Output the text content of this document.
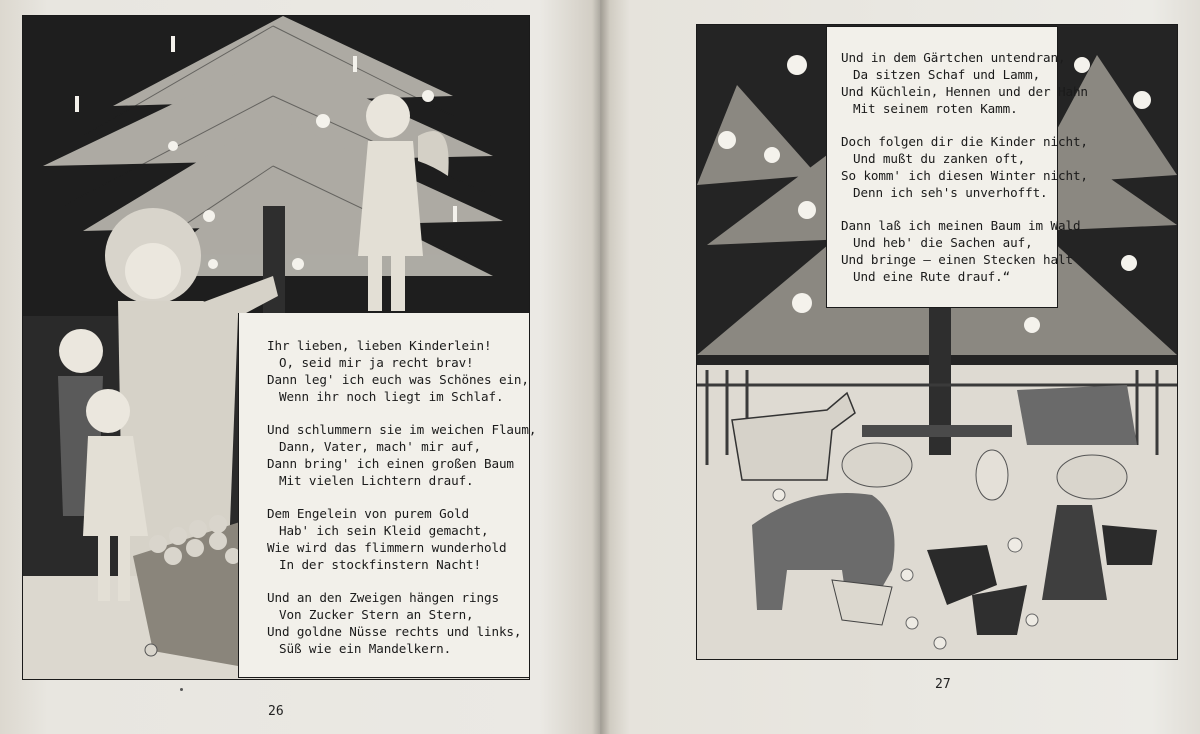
Ihr lieben, lieben Kinderlein!
O, seid mir ja recht brav!
Dann leg' ich euch was Schönes ein,
Wenn ihr noch liegt im Schlaf.
Und schlummern sie im weichen Flaum,
Dann, Vater, mach' mir auf,
Dann bring' ich einen großen Baum
Mit vielen Lichtern drauf.
Dem Engelein von purem Gold
Hab' ich sein Kleid gemacht,
Wie wird das flimmern wunderhold
In der stockfinstern Nacht!
Und an den Zweigen hängen rings
Von Zucker Stern an Stern,
Und goldne Nüsse rechts und links,
Süß wie ein Mandelkern.
Und in dem Gärtchen untendran,
Da sitzen Schaf und Lamm,
Und Küchlein, Hennen und der Hahn
Mit seinem roten Kamm.
Doch folgen dir die Kinder nicht,
Und mußt du zanken oft,
So komm' ich diesen Winter nicht,
Denn ich seh's unverhofft.
Dann laß ich meinen Baum im Wald
Und heb' die Sachen auf,
Und bringe — einen Stecken halt
Und eine Rute drauf.“
26
27
